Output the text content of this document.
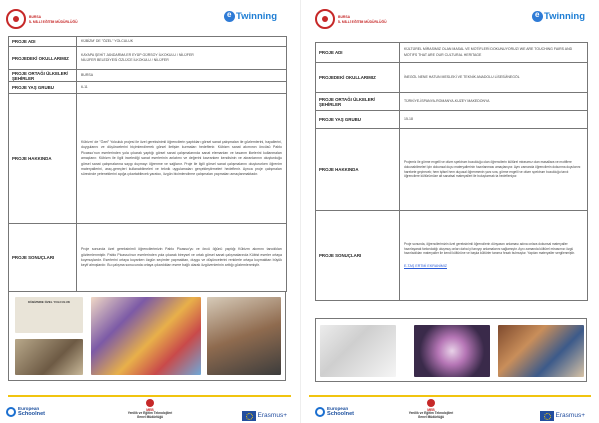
BURSA
İL MİLLİ EĞİTİM MÜDÜRLÜĞÜ e	Twinning
PROJE ADI	KÜBİZM' DE "ÖZEL" YOLCULUK
PROJEDEKİ OKULLARIMIZ	KAYAPA ŞEHİT JANDARMA ER EYÜP GÜRSOY İLKOKULU / NİLÜFER
NİLÜFER BELEDİYESİ ÖZLÜCE İLKOKULU / NİLÜFER
PROJE ORTAĞI ÜLKELER/ŞEHİRLER	BURSA
PROJE YAŞ GRUBU	6-11
PROJE HAKKINDA	Kübizm' de "Özel" Yolculuk projesi ile özel gereksinimli öğrencilerin yaptıkları görsel sanat çalışmaları ile gözlemlerini, hayallerini, duygularını ve düşüncelerini biçimlendirerek görsel iletişim kurmaları hedeflenir. Kübizm sanat akımının öncüsü Pablo Picasso'nun eserlerinden yola çıkarak yaptığı görsel sanat çalışmalarında sanat elemanları ve tasarım ilkelerini kullanmaları amaçlanır. Kübizm ile ilgili incelediği sanat eserlerinin anlatımı ve değerini kavranken kendisinin ve akranlarının oluşturduğu görsel sanat çalışmalarına saygı duymayı öğrenme ve sağlanır. Proje ile ilgili görsel sanat çalışmalarını oluştururken öğrenim materyallerini, araç-gereçleri kullanabilmeleri ve teknik uygulamaları gerçekleştirmeleri hedeflenir. Ayrıca proje çalışmaları sürecinde yeteneklerini açığa çıkartabilecek yaratıcı, özgün bicimlendirme çalışmaları yapmaları amaçlanmaktadır.
PROJE SONUÇLARI	Proje sonunda özel gereksinimli öğrencilerimizin Pablo Picasso'yu ve öncü öğünü yaptığı Kübizm akımını tanıdıkları gözlemlenmiştir. Pablo Picasso'nun eserlerinden yola çıkarak bireysel ve ortak görsel sanat çalışmalarında Kübist eserler ortaya koymuşlardır. Eserlerini ortaya koyarken özgün seçimler yapmaktan, duygu ve düşüncelerini renklerle ortaya koymaktan büyük keyif almışlardır. Bu çalışma sonucunda ortaya çıkardıkları esere bağlı olarak özgüvenlerinin arttığı gözlemlenmiştir.
KÜBİZMDE ÖZEL YOLCULUK
European
Schoolnet
MEB
Yenilik ve Eğitim Teknolojileri
Genel Müdürlüğü	Erasmus+
BURSA
İL MİLLİ EĞİTİM MÜDÜRLÜĞÜ e	Twinning
PROJE ADI	KÜLTÜREL MİRASIMIZ OLAN MASAL VE MOTİFLERİ DOKUNUYORUZ/ WE ARE TOUCHING FAIRS AND MOTIFS THAT ARE OUR CULTURAL HERITAGE
PROJEDEKİ OKULLARIMIZ	İNEGÖL NENE HATUN MESLEKİ VE TEKNİK ANADOLU LİSESİ/İNEGÖL
PROJE ORTAĞI ÜLKELER/ŞEHİRLER	TÜRKİYE-İSPANYA-ROMANYA-KUZEY MAKEDONYA
PROJE YAŞ GRUBU	15-18
PROJE HAKKINDA	Projemiz ile görme engelli ve otizm spektrum bozukluğu olan öğrencilerin kültürel mirasımız olan masallara ve motiflere dokunabilmeleri için dokunsal duyu materyallerinin hazırlanması amaçlanıyor. Aynı zamanda öğrencilerin dokunma duyularını harekete geçirecek; hem işitsel hem duyusal öğrenmenin yanı sıra, görme engelli ve otizm spektrum bozukluğu tanılı öğrencilere kültürümüze ait sanatsal materyalleri ile buluşturmak ta hedefleniyor.
PROJE SONUÇLARI	Proje sonunda, öğrencilerimizin özel gereksinimli öğrencilerin dünyasını anlaması adına onlara dokunsal materyaller hazırlayarak farkındalığı uluşmuş onları daha iyi tanıyıp anlamalarını sağlamıştır. Aynı zamanda kültürel mirasımızı özgü hazırladıkları materyaller ile kendi kültürüne ve başka kültürler tanıma fırsatı bulmuştur. Yapılan materyaller sergilenmiştir.
E-TAŞ ERTMİ EKRANİMIZ
European
Schoolnet
MEB
Yenilik ve Eğitim Teknolojileri
Genel Müdürlüğü	Erasmus+
